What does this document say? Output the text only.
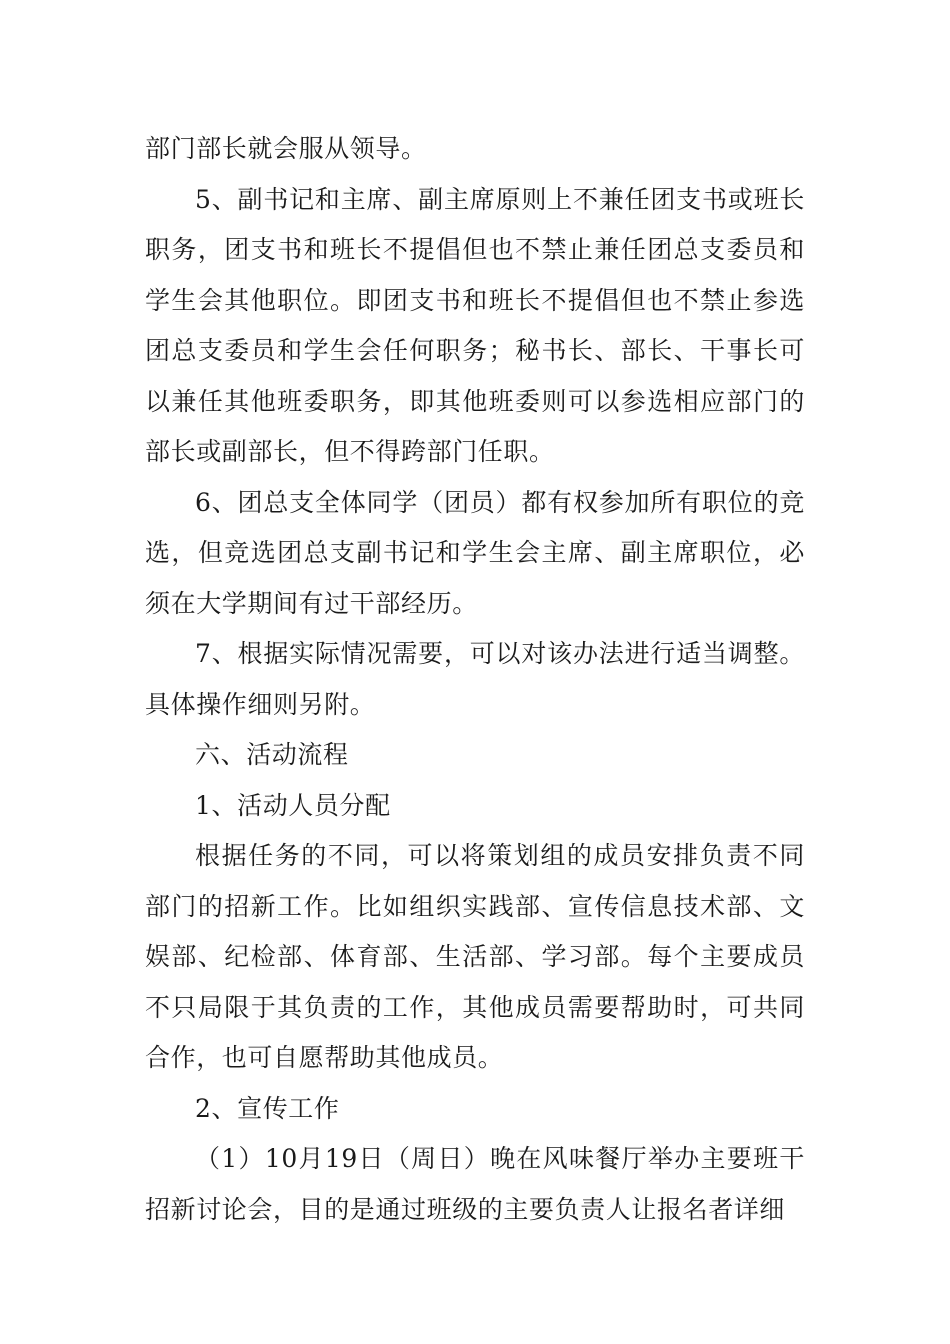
部门部长就会服从领导。

5、副书记和主席、副主席原则上不兼任团支书或班长职务，团支书和班长不提倡但也不禁止兼任团总支委员和学生会其他职位。即团支书和班长不提倡但也不禁止参选团总支委员和学生会任何职务；秘书长、部长、干事长可以兼任其他班委职务，即其他班委则可以参选相应部门的部长或副部长，但不得跨部门任职。

6、团总支全体同学（团员）都有权参加所有职位的竞选，但竞选团总支副书记和学生会主席、副主席职位，必须在大学期间有过干部经历。

7、根据实际情况需要，可以对该办法进行适当调整。具体操作细则另附。

六、活动流程

1、活动人员分配

根据任务的不同，可以将策划组的成员安排负责不同部门的招新工作。比如组织实践部、宣传信息技术部、文娱部、纪检部、体育部、生活部、学习部。每个主要成员不只局限于其负责的工作，其他成员需要帮助时，可共同合作，也可自愿帮助其他成员。

2、宣传工作

（1）10月19日（周日）晚在风味餐厅举办主要班干招新讨论会，目的是通过班级的主要负责人让报名者详细
